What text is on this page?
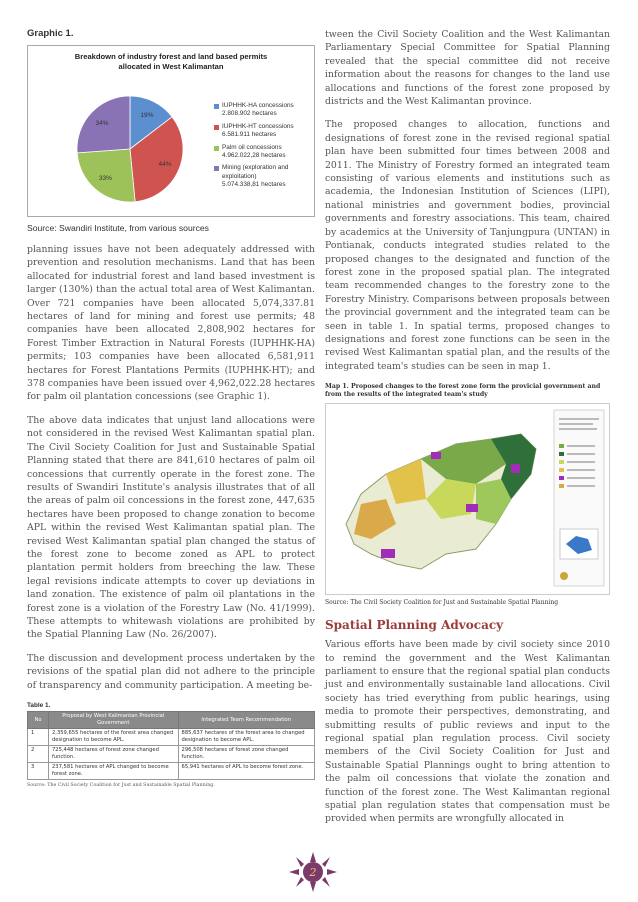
Graphic 1.

Breakdown of industry forest and land based permits
allocated in West Kalimantan
19%
44%
33%
34%
IUPHHK-HA concessions
2.808.902 hectares
IUPHHK-HT concessions
6.581.911 hectares
Palm oil concessions
4.962.022,28 hectares
Mining (exploration and exploitation)
5.074.338,81 hectares

Source: Swandiri Institute, from various sources

planning issues have not been adequately addressed with prevention and resolution mechanisms. Land that has been allocated for industrial forest and land based investment is larger (130%) than the actual total area of West Kalimantan. Over 721 companies have been allocated 5,074,337.81 hectares of land for mining and forest use permits; 48 companies have been allocated 2,808,902 hectares for Forest Timber Extraction in Natural Forests (IUPHHK-HA) permits; 103 companies have been allocated 6,581,911 hectares for Forest Plantations Permits (IUPHHK-HT); and 378 companies have been issued over 4,962,022.28 hectares for palm oil plantation concessions (see Graphic 1).

The above data indicates that unjust land allocations were not considered in the revised West Kalimantan spatial plan. The Civil Society Coalition for Just and Sustainable Spatial Planning stated that there are 841,610 hectares of palm oil concessions that currently operate in the forest zone. The results of Swandiri Institute's analysis illustrates that of all the areas of palm oil concessions in the forest zone, 447,635 hectares have been proposed to change zonation to become APL within the revised West Kalimantan spatial plan. The revised West Kalimantan spatial plan changed the status of the forest zone to become zoned as APL to protect plantation permit holders from breeching the law. These legal revisions indicate attempts to cover up deviations in land zonation. The existence of palm oil plantations in the forest zone is a violation of the Forestry Law (No. 41/1999). These attempts to whitewash violations are prohibited by the Spatial Planning Law (No. 26/2007).

The discussion and development process undertaken by the revisions of the spatial plan did not adhere to the principle of transparency and community participation. A meeting be-

Table 1.

No	Proposal by West Kalimantan Provincial Government	Integrated Team Recommendation
1	2,359,655 hectares of the forest area changed designation to become APL.	885,637 hectares of the forest area to changed designation to become APL.
2	725,448 hectares of forest zone changed function.	296,508 hectares of forest zone changed function.
3	237,581 hectares of APL changed to become forest zone.	65,941 hectares of APL to become forest zone.

Source: The Civil Society Coalition for Just and Sustainable Spatial Planning.

tween the Civil Society Coalition and the West Kalimantan Parliamentary Special Committee for Spatial Planning revealed that the special committee did not receive information about the reasons for changes to the land use allocations and functions of the forest zone proposed by districts and the West Kalimantan province.

The proposed changes to allocation, functions and designations of forest zone in the revised regional spatial plan have been submitted four times between 2008 and 2011. The Ministry of Forestry formed an integrated team consisting of various elements and institutions such as academia, the Indonesian Institution of Sciences (LIPI), national ministries and government bodies, provincial governments and forestry associations. This team, chaired by academics at the University of Tanjungpura (UNTAN) in Pontianak, conducts integrated studies related to the proposed changes to the designated and function of the forest zone in the proposed spatial plan. The integrated team recommended changes to the forestry zone to the Forestry Ministry. Comparisons between proposals between the provincial government and the integrated team can be seen in table 1. In spatial terms, proposed changes to designations and forest zone functions can be seen in the revised West Kalimantan spatial plan, and the results of the integrated team's studies can be seen in map 1.

Map 1. Proposed changes to the forest zone form the provicial government and from the results of the integrated team's study

Source: The Civil Society Coalition for Just and Sustainable Spatial Planning

Spatial Planning Advocacy

Various efforts have been made by civil society since 2010 to remind the government and the West Kalimantan parliament to ensure that the regional spatial plan conducts just and environmentally sustainable land allocations. Civil society has tried everything from public hearings, using media to promote their perspectives, demonstrating, and submitting results of public reviews and input to the regional spatial plan regulation process. Civil society members of the Civil Society Coalition for Just and Sustainable Spatial Plannings ought to bring attention to the palm oil concessions that violate the zonation and function of the forest zone. The West Kalimantan regional spatial plan regulation states that compensation must be provided when permits are wrongfully allocated in

2
